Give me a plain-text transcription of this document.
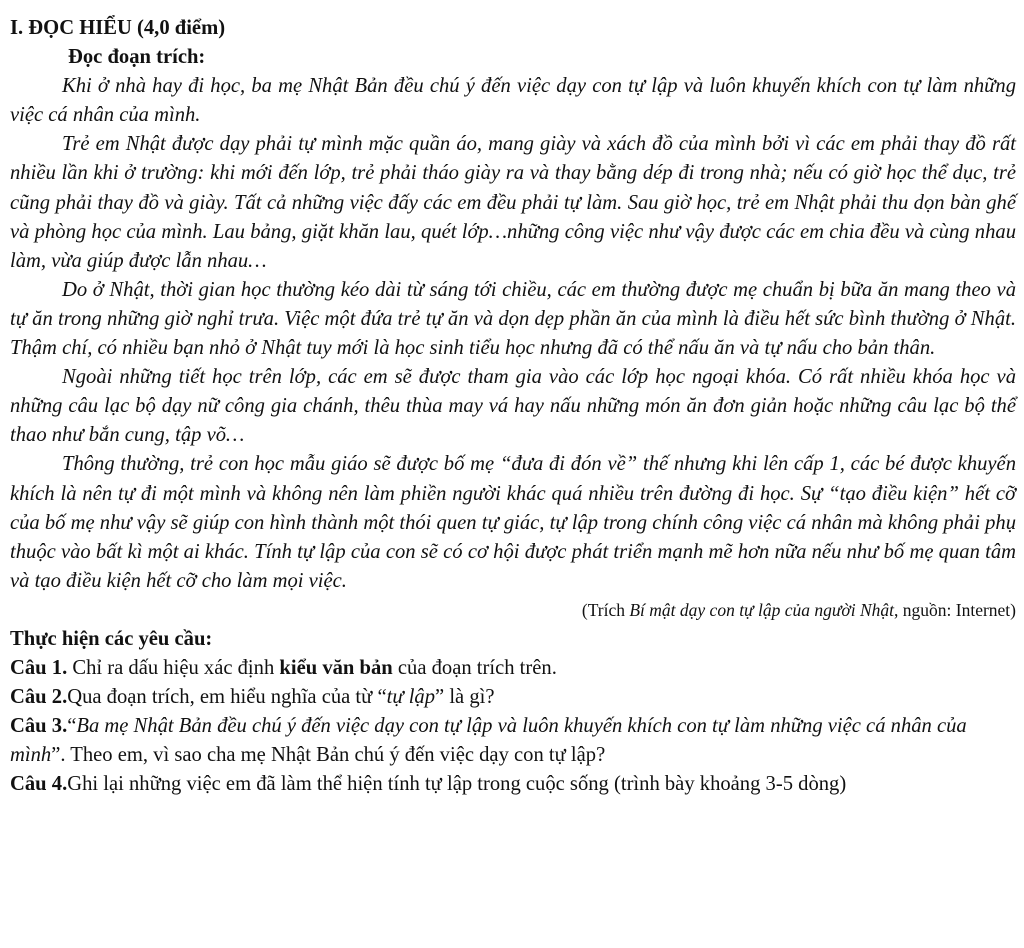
I. ĐỌC HIỂU (4,0 điểm)

Đọc đoạn trích:

Khi ở nhà hay đi học, ba mẹ Nhật Bản đều chú ý đến việc dạy con tự lập và luôn khuyến khích con tự làm những việc cá nhân của mình.

Trẻ em Nhật được dạy phải tự mình mặc quần áo, mang giày và xách đồ của mình bởi vì các em phải thay đồ rất nhiều lần khi ở trường: khi mới đến lớp, trẻ phải tháo giày ra và thay bằng dép đi trong nhà; nếu có giờ học thể dục, trẻ cũng phải thay đồ và giày. Tất cả những việc đấy các em đều phải tự làm. Sau giờ học, trẻ em Nhật phải thu dọn bàn ghế và phòng học của mình. Lau bảng, giặt khăn lau, quét lớp…những công việc như vậy được các em chia đều và cùng nhau làm, vừa giúp được lẫn nhau…

Do ở Nhật, thời gian học thường kéo dài từ sáng tới chiều, các em thường được mẹ chuẩn bị bữa ăn mang theo và tự ăn trong những giờ nghỉ trưa. Việc một đứa trẻ tự ăn và dọn dẹp phần ăn của mình là điều hết sức bình thường ở Nhật. Thậm chí, có nhiều bạn nhỏ ở Nhật tuy mới là học sinh tiểu học nhưng đã có thể nấu ăn và tự nấu cho bản thân.

Ngoài những tiết học trên lớp, các em sẽ được tham gia vào các lớp học ngoại khóa. Có rất nhiều khóa học và những câu lạc bộ dạy nữ công gia chánh, thêu thùa may vá hay nấu những món ăn đơn giản hoặc những câu lạc bộ thể thao như bắn cung, tập võ…

Thông thường, trẻ con học mẫu giáo sẽ được bố mẹ “đưa đi đón về” thế nhưng khi lên cấp 1, các bé được khuyến khích là nên tự đi một mình và không nên làm phiền người khác quá nhiều trên đường đi học. Sự “tạo điều kiện” hết cỡ của bố mẹ như vậy sẽ giúp con hình thành một thói quen tự giác, tự lập trong chính công việc cá nhân mà không phải phụ thuộc vào bất kì một ai khác. Tính tự lập của con sẽ có cơ hội được phát triển mạnh mẽ hơn nữa nếu như bố mẹ quan tâm và tạo điều kiện hết cỡ cho làm mọi việc.

(Trích Bí mật dạy con tự lập của người Nhật, nguồn: Internet)

Thực hiện các yêu cầu:

Câu 1. Chỉ ra dấu hiệu xác định kiểu văn bản của đoạn trích trên.

Câu 2.Qua đoạn trích, em hiểu nghĩa của từ “tự lập” là gì?

Câu 3.“Ba mẹ Nhật Bản đều chú ý đến việc dạy con tự lập và luôn khuyến khích con tự làm những việc cá nhân của mình”. Theo em, vì sao cha mẹ Nhật Bản chú ý đến việc dạy con tự lập?

Câu 4.Ghi lại những việc em đã làm thể hiện tính tự lập trong cuộc sống (trình bày khoảng 3-5 dòng)
